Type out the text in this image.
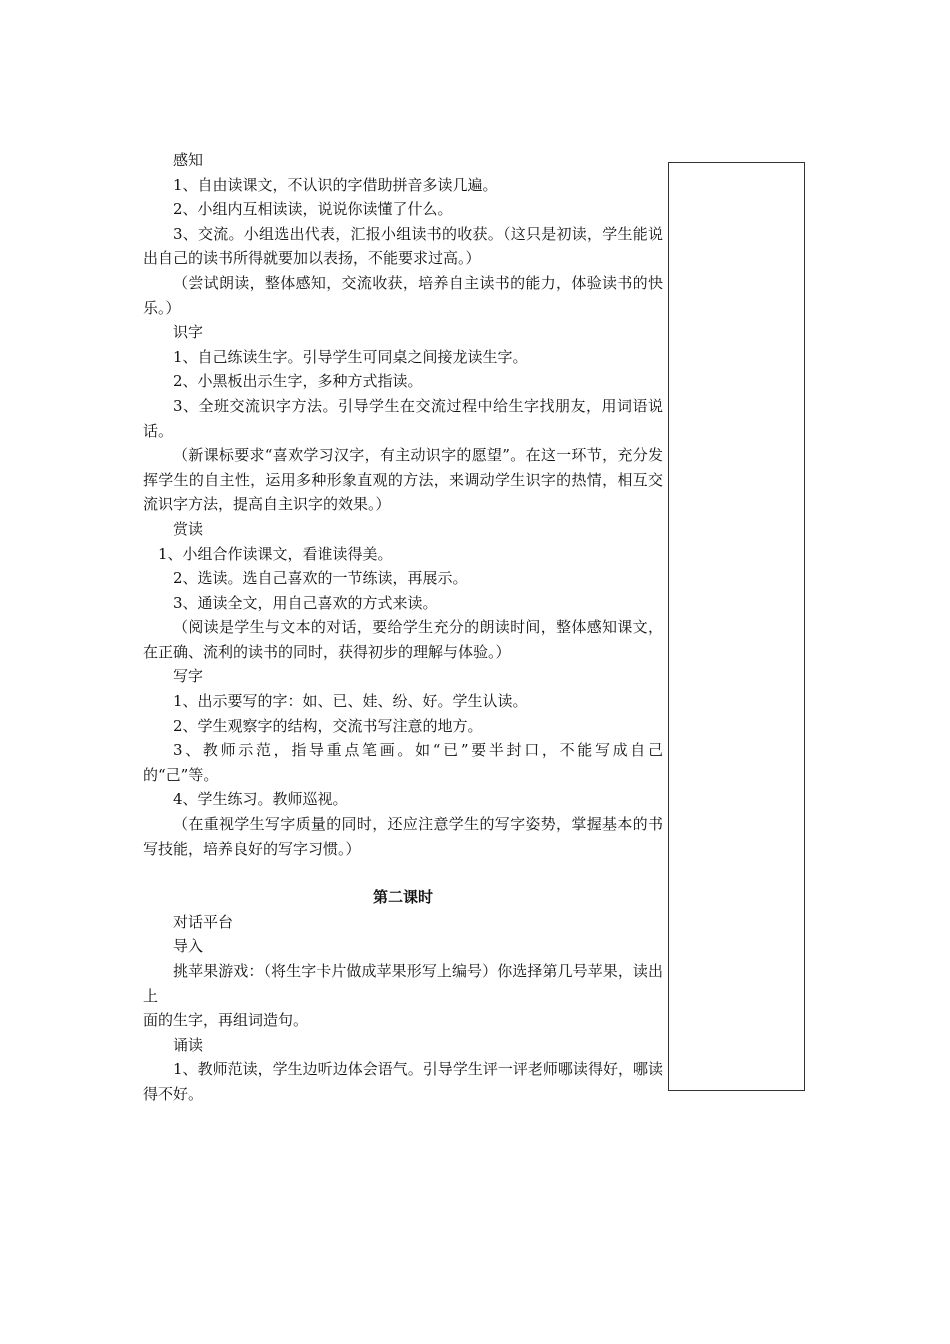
感知

1、自由读课文，不认识的字借助拼音多读几遍。

2、小组内互相读读，说说你读懂了什么。

3、交流。小组选出代表，汇报小组读书的收获。（这只是初读，学生能说出自己的读书所得就要加以表扬，不能要求过高。）

（尝试朗读，整体感知，交流收获，培养自主读书的能力，体验读书的快乐。）

识字

1、自己练读生字。引导学生可同桌之间接龙读生字。

2、小黑板出示生字，多种方式指读。

3、全班交流识字方法。引导学生在交流过程中给生字找朋友，用词语说话。

（新课标要求“喜欢学习汉字，有主动识字的愿望”。在这一环节，充分发挥学生的自主性，运用多种形象直观的方法，来调动学生识字的热情，相互交流识字方法，提高自主识字的效果。）

赏读

1、小组合作读课文，看谁读得美。

2、选读。选自己喜欢的一节练读，再展示。

3、通读全文，用自己喜欢的方式来读。

（阅读是学生与文本的对话，要给学生充分的朗读时间，整体感知课文，在正确、流利的读书的同时，获得初步的理解与体验。）

写字

1、出示要写的字：如、已、娃、纷、好。学生认读。

2、学生观察字的结构，交流书写注意的地方。

3、教师示范，指导重点笔画。如“已”要半封口，不能写成自己的“己”等。

4、学生练习。教师巡视。

（在重视学生写字质量的同时，还应注意学生的写字姿势，掌握基本的书写技能，培养良好的写字习惯。）

第二课时

对话平台

导入

挑苹果游戏：（将生字卡片做成苹果形写上编号）你选择第几号苹果，读出上

面的生字，再组词造句。

诵读

1、教师范读，学生边听边体会语气。引导学生评一评老师哪读得好，哪读得不好。
